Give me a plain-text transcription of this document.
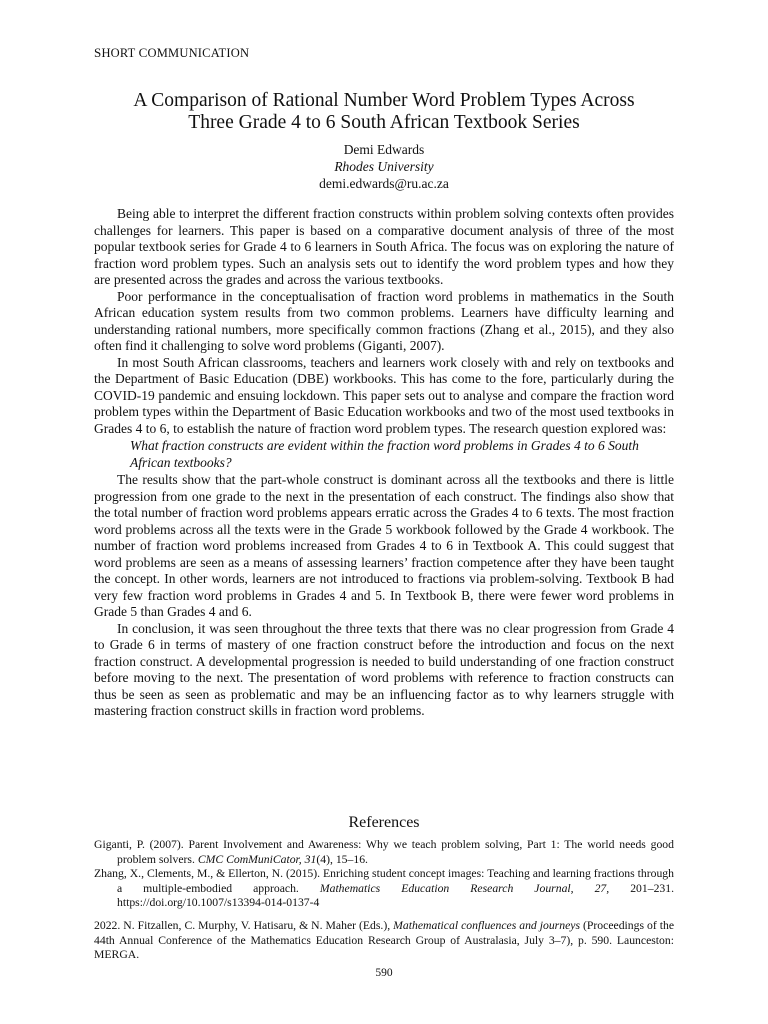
SHORT COMMUNICATION
A Comparison of Rational Number Word Problem Types Across
Three Grade 4 to 6 South African Textbook Series
Demi Edwards
Rhodes University
demi.edwards@ru.ac.za

Being able to interpret the different fraction constructs within problem solving contexts often provides challenges for learners. This paper is based on a comparative document analysis of three of the most popular textbook series for Grade 4 to 6 learners in South Africa. The focus was on exploring the nature of fraction word problem types. Such an analysis sets out to identify the word problem types and how they are presented across the grades and across the various textbooks.

Poor performance in the conceptualisation of fraction word problems in mathematics in the South African education system results from two common problems. Learners have difficulty learning and understanding rational numbers, more specifically common fractions (Zhang et al., 2015), and they also often find it challenging to solve word problems (Giganti, 2007).

In most South African classrooms, teachers and learners work closely with and rely on textbooks and the Department of Basic Education (DBE) workbooks. This has come to the fore, particularly during the COVID-19 pandemic and ensuing lockdown. This paper sets out to analyse and compare the fraction word problem types within the Department of Basic Education workbooks and two of the most used textbooks in Grades 4 to 6, to establish the nature of fraction word problem types. The research question explored was:

What fraction constructs are evident within the fraction word problems in Grades 4 to 6 South African textbooks?

The results show that the part-whole construct is dominant across all the textbooks and there is little progression from one grade to the next in the presentation of each construct. The findings also show that the total number of fraction word problems appears erratic across the Grades 4 to 6 texts. The most fraction word problems across all the texts were in the Grade 5 workbook followed by the Grade 4 workbook. The number of fraction word problems increased from Grades 4 to 6 in Textbook A. This could suggest that word problems are seen as a means of assessing learners’ fraction competence after they have been taught the concept. In other words, learners are not introduced to fractions via problem-solving. Textbook B had very few fraction word problems in Grades 4 and 5. In Textbook B, there were fewer word problems in Grade 5 than Grades 4 and 6.

In conclusion, it was seen throughout the three texts that there was no clear progression from Grade 4 to Grade 6 in terms of mastery of one fraction construct before the introduction and focus on the next fraction construct. A developmental progression is needed to build understanding of one fraction construct before moving to the next. The presentation of word problems with reference to fraction constructs can thus be seen as seen as problematic and may be an influencing factor as to why learners struggle with mastering fraction construct skills in fraction word problems.

References

Giganti, P. (2007). Parent Involvement and Awareness: Why we teach problem solving, Part 1: The world needs good problem solvers. CMC ComMuniCator, 31(4), 15–16.

Zhang, X., Clements, M., & Ellerton, N. (2015). Enriching student concept images: Teaching and learning fractions through a multiple-embodied approach. Mathematics Education Research Journal, 27, 201–231. https://doi.org/10.1007/s13394-014-0137-4

2022. N. Fitzallen, C. Murphy, V. Hatisaru, & N. Maher (Eds.), Mathematical confluences and journeys (Proceedings of the 44th Annual Conference of the Mathematics Education Research Group of Australasia, July 3–7), p. 590. Launceston: MERGA.
590
